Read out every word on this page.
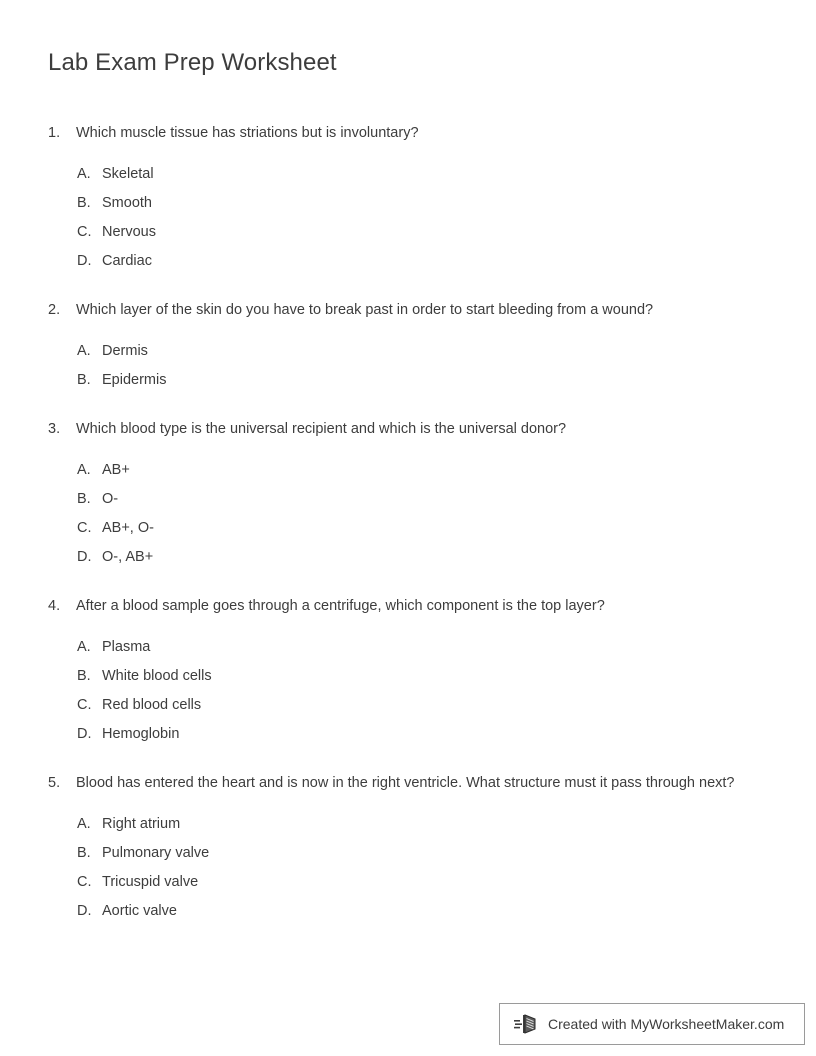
Lab Exam Prep Worksheet
1. Which muscle tissue has striations but is involuntary?
A. Skeletal
B. Smooth
C. Nervous
D. Cardiac
2. Which layer of the skin do you have to break past in order to start bleeding from a wound?
A. Dermis
B. Epidermis
3. Which blood type is the universal recipient and which is the universal donor?
A. AB+
B. O-
C. AB+, O-
D. O-, AB+
4. After a blood sample goes through a centrifuge, which component is the top layer?
A. Plasma
B. White blood cells
C. Red blood cells
D. Hemoglobin
5. Blood has entered the heart and is now in the right ventricle. What structure must it pass through next?
A. Right atrium
B. Pulmonary valve
C. Tricuspid valve
D. Aortic valve
Created with MyWorksheetMaker.com
